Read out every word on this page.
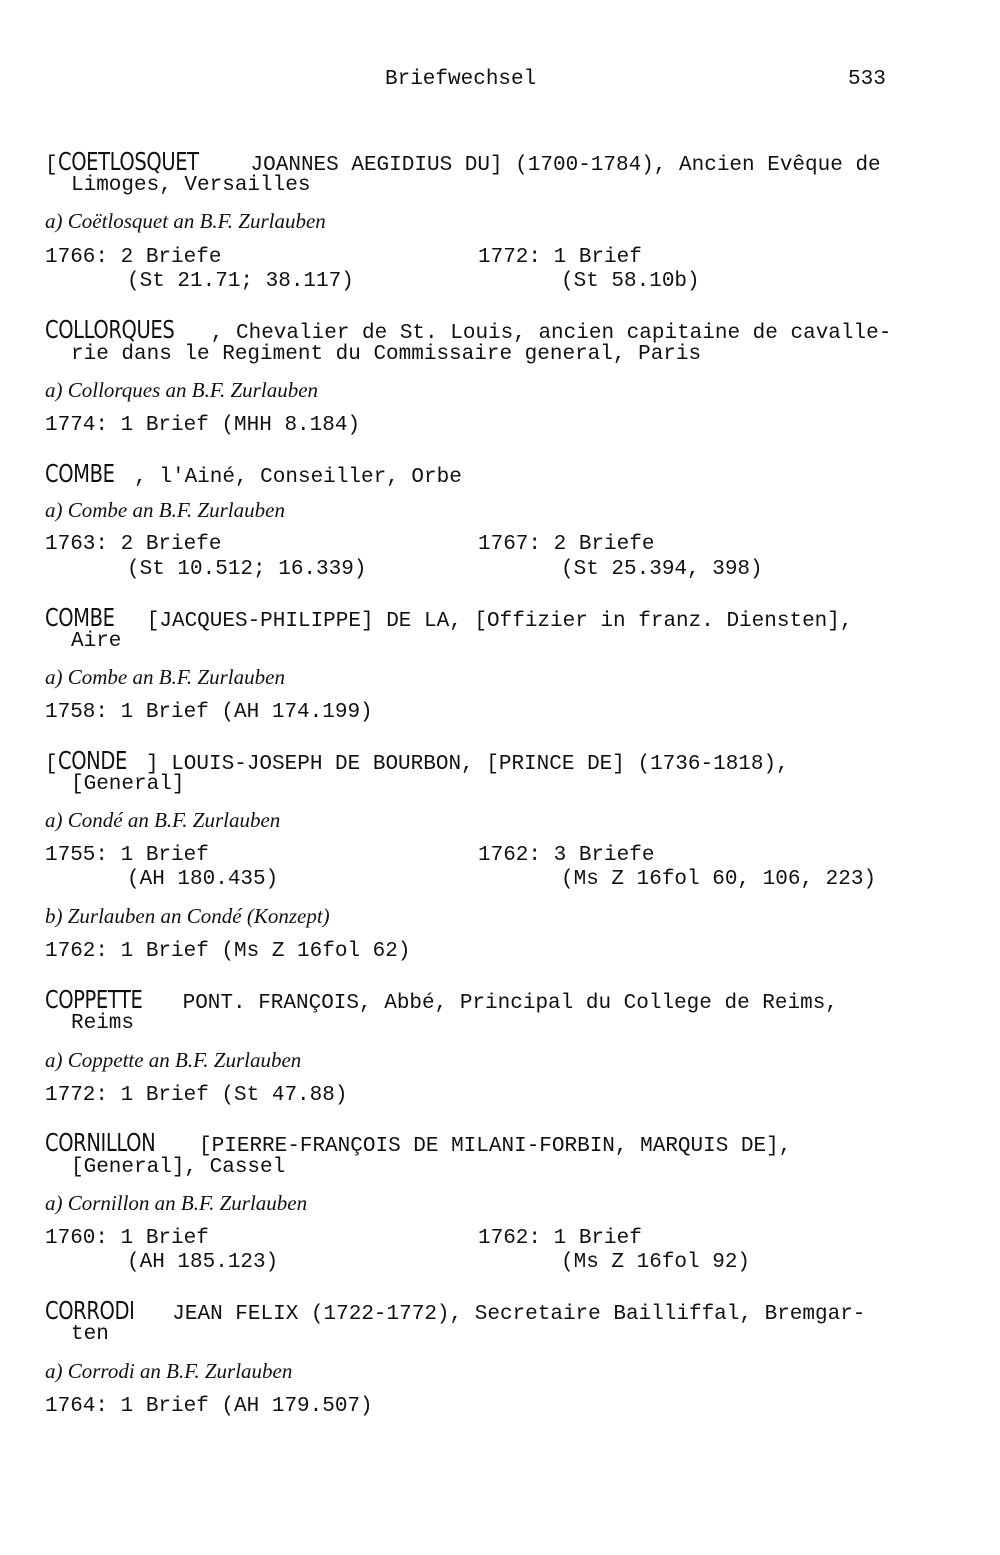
Briefwechsel	533
[COETLOSQUET JOANNES AEGIDIUS DU] (1700-1784), Ancien Evêque de
Limoges, Versailles
a) Coëtlosquet an B.F. Zurlauben
1766: 2 Briefe
(St 21.71; 38.117)
1772: 1 Brief
(St 58.10b)
COLLORQUES , Chevalier de St. Louis, ancien capitaine de cavalle-
rie dans le Regiment du Commissaire general, Paris
a) Collorques an B.F. Zurlauben
1774: 1 Brief (MHH 8.184)
COMBE , l'Ainé, Conseiller, Orbe
a) Combe an B.F. Zurlauben
1763: 2 Briefe
(St 10.512; 16.339)
1767: 2 Briefe
(St 25.394, 398)
COMBE [JACQUES-PHILIPPE] DE LA, [Offizier in franz. Diensten],
Aire
a) Combe an B.F. Zurlauben
1758: 1 Brief (AH 174.199)
[CONDE ] LOUIS-JOSEPH DE BOURBON, [PRINCE DE] (1736-1818),
[General]
a) Condé an B.F. Zurlauben
1755: 1 Brief
(AH 180.435)
1762: 3 Briefe
(Ms Z 16fol 60, 106, 223)
b) Zurlauben an Condé (Konzept)
1762: 1 Brief (Ms Z 16fol 62)
COPPETTE PONT. FRANÇOIS, Abbé, Principal du College de Reims,
Reims
a) Coppette an B.F. Zurlauben
1772: 1 Brief (St 47.88)
CORNILLON [PIERRE-FRANÇOIS DE MILANI-FORBIN, MARQUIS DE],
[General], Cassel
a) Cornillon an B.F. Zurlauben
1760: 1 Brief
(AH 185.123)
1762: 1 Brief
(Ms Z 16fol 92)
CORRODI JEAN FELIX (1722-1772), Secretaire Bailliffal, Bremgar-
ten
a) Corrodi an B.F. Zurlauben
1764: 1 Brief (AH 179.507)
